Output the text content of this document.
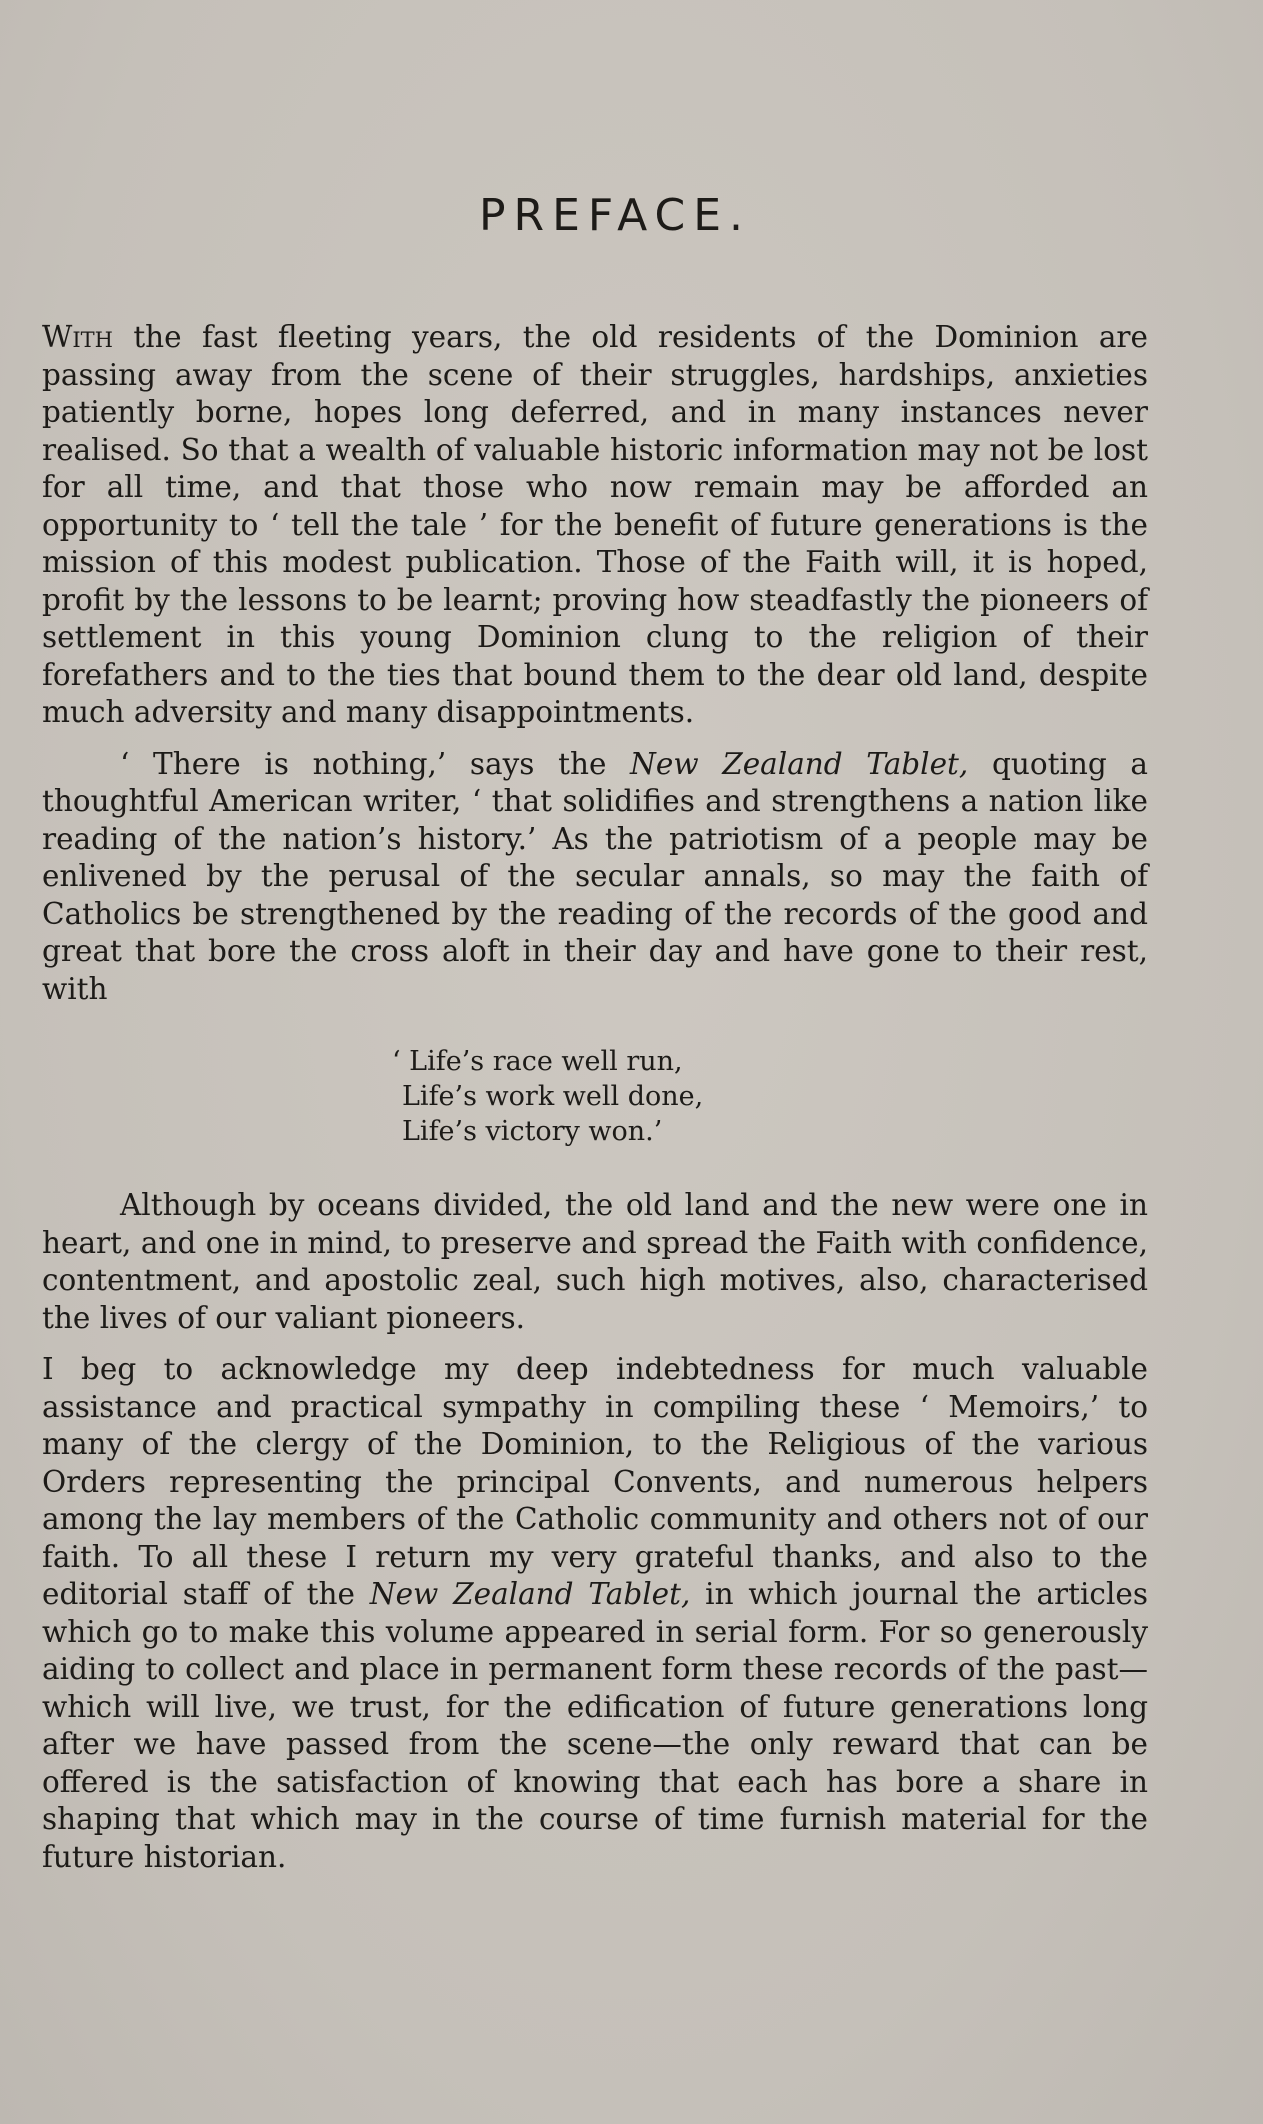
PREFACE.

With the fast fleeting years, the old residents of the Dominion are passing away from the scene of their struggles, hardships, anxieties patiently borne, hopes long deferred, and in many instances never realised. So that a wealth of valuable historic information may not be lost for all time, and that those who now remain may be afforded an opportunity to ‘ tell the tale ’ for the benefit of future generations is the mission of this modest publication. Those of the Faith will, it is hoped, profit by the lessons to be learnt; proving how steadfastly the pioneers of settlement in this young Dominion clung to the religion of their forefathers and to the ties that bound them to the dear old land, despite much adversity and many disappointments.

‘ There is nothing,’ says the New Zealand Tablet, quoting a thoughtful American writer, ‘ that solidifies and strengthens a nation like reading of the nation’s history.’ As the patriotism of a people may be enlivened by the perusal of the secular annals, so may the faith of Catholics be strengthened by the reading of the records of the good and great that bore the cross aloft in their day and have gone to their rest, with

‘ Life’s race well run,
Life’s work well done,
Life’s victory won.’

Although by oceans divided, the old land and the new were one in heart, and one in mind, to preserve and spread the Faith with confidence, contentment, and apostolic zeal, such high motives, also, characterised the lives of our valiant pioneers.

I beg to acknowledge my deep indebtedness for much valuable assistance and practical sympathy in compiling these ‘ Memoirs,’ to many of the clergy of the Dominion, to the Religious of the various Orders representing the principal Convents, and numerous helpers among the lay members of the Catholic community and others not of our faith. To all these I return my very grateful thanks, and also to the editorial staff of the New Zealand Tablet, in which journal the articles which go to make this volume appeared in serial form. For so generously aiding to collect and place in permanent form these records of the past—which will live, we trust, for the edification of future generations long after we have passed from the scene—the only reward that can be offered is the satisfaction of knowing that each has bore a share in shaping that which may in the course of time furnish material for the future historian.
